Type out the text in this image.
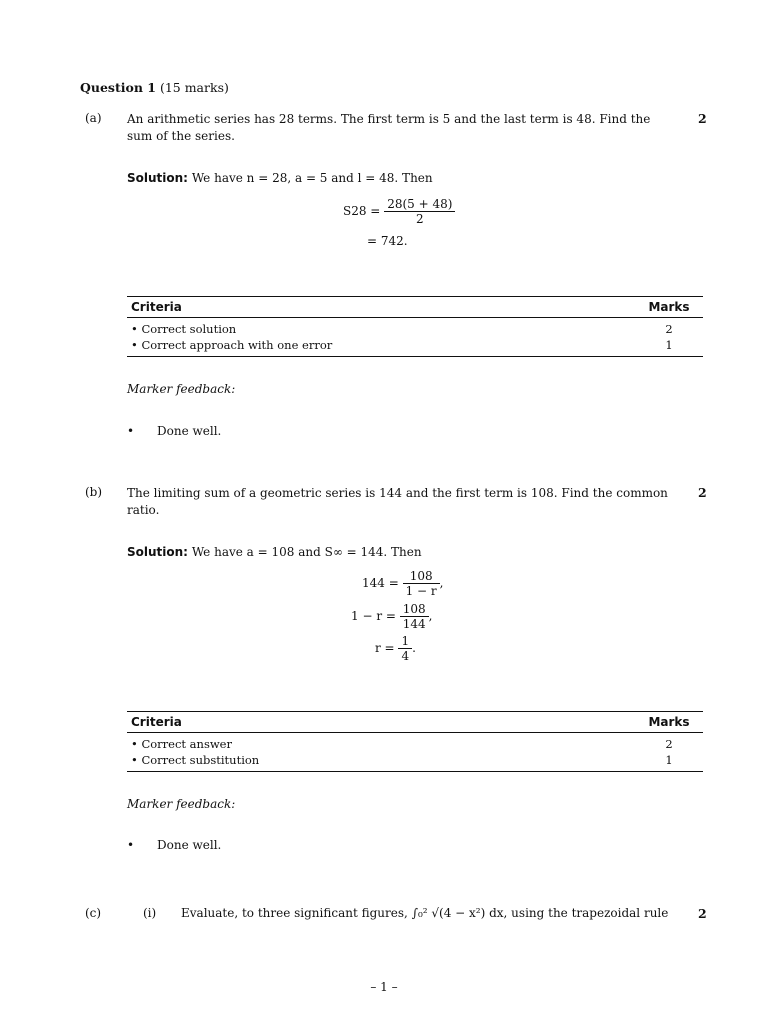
Question 1 (15 marks)
(a) An arithmetic series has 28 terms. The first term is 5 and the last term is 48. Find the sum of the series.
2
Solution: We have n = 28, a = 5 and l = 48. Then
$S28 = \frac{28(5 + 48)}{2}$
= 742.
Criteria	Marks
• Correct solution	2
• Correct approach with one error	1
Marker feedback:
• Done well.
(b) The limiting sum of a geometric series is 144 and the first term is 108. Find the common ratio.
2
Solution: We have a = 108 and S∞ = 144. Then
$144 = \frac{108}{1 - r}$ ,
$1 - r = \frac{108}{144}$ ,
$r = \frac{1}{4}$ .
Criteria	Marks
• Correct answer	2
• Correct substitution	1
Marker feedback:
• Done well.
(c)	(i) Evaluate, to three significant figures, ∫₀² √(4 − x²) dx, using the trapezoidal rule 2
– 1 –
